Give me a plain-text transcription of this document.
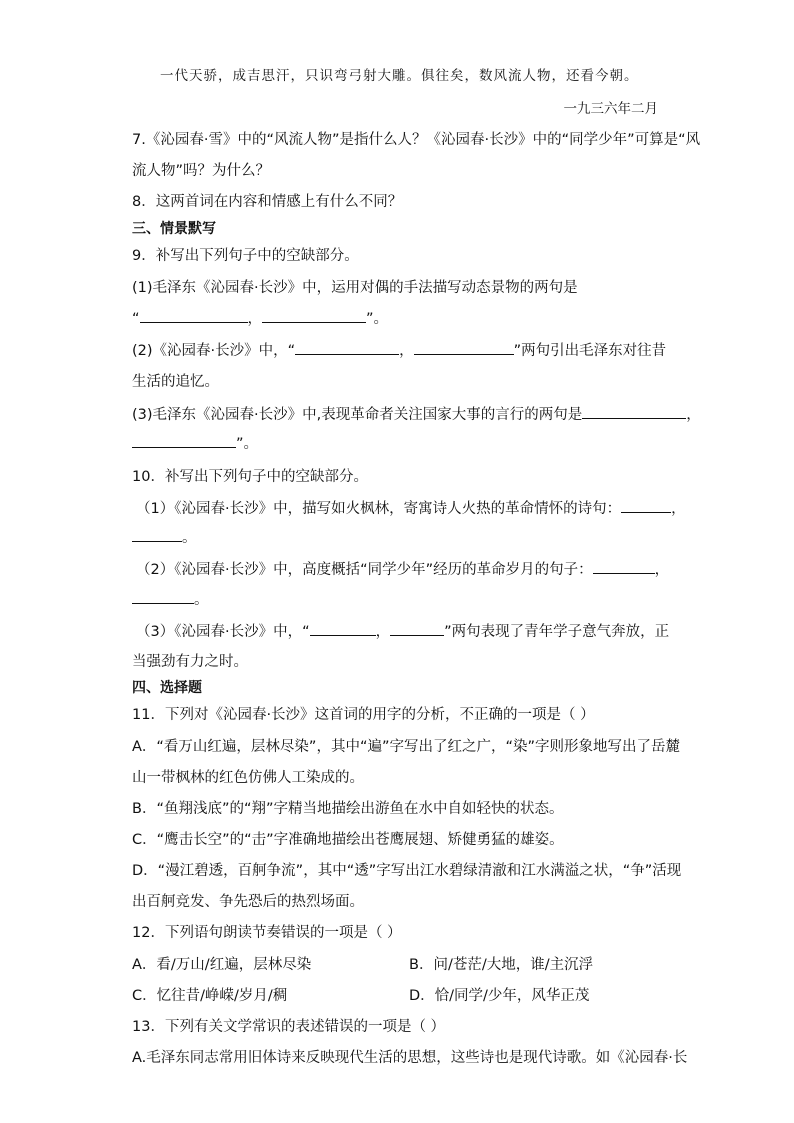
一代天骄，成吉思汗，只识弯弓射大雕。俱往矣，数风流人物，还看今朝。
一九三六年二月
7.《沁园春·雪》中的“风流人物”是指什么人？《沁园春·长沙》中的“同学少年”可算是“风
流人物”吗？为什么？
8．这两首词在内容和情感上有什么不同？
三、情景默写
9．补写出下列句子中的空缺部分。
(1)毛泽东《沁园春·长沙》中，运用对偶的手法描写动态景物的两句是
“	，	”。
(2)《沁园春·长沙》中，“	，	”两句引出毛泽东对往昔
生活的追忆。
(3)毛泽东《沁园春·长沙》中,表现革命者关注国家大事的言行的两句是	，
”。
10．补写出下列句子中的空缺部分。
（1）《沁园春·长沙》中，描写如火枫林，寄寓诗人火热的革命情怀的诗句：	，
。
（2）《沁园春·长沙》中，高度概括“同学少年”经历的革命岁月的句子：	，
。
（3）《沁园春·长沙》中，“	，	”两句表现了青年学子意气奔放，正
当强劲有力之时。
四、选择题
11．下列对《沁园春·长沙》这首词的用字的分析，不正确的一项是（ ）
A．“看万山红遍，层林尽染”，其中“遍”字写出了红之广，“染”字则形象地写出了岳麓
山一带枫林的红色仿佛人工染成的。
B．“鱼翔浅底”的“翔”字精当地描绘出游鱼在水中自如轻快的状态。
C．“鹰击长空”的“击”字准确地描绘出苍鹰展翅、矫健勇猛的雄姿。
D．“漫江碧透，百舸争流”，其中“透”字写出江水碧绿清澈和江水满溢之状，“争”活现
出百舸竞发、争先恐后的热烈场面。
12．下列语句朗读节奏错误的一项是（ ）
A．看/万山/红遍，层林尽染	B．问/苍茫/大地，谁/主沉浮
C．忆往昔/峥嵘/岁月/稠	D．恰/同学/少年，风华正茂
13．下列有关文学常识的表述错误的一项是（ ）
A.毛泽东同志常用旧体诗来反映现代生活的思想，这些诗也是现代诗歌。如《沁园春·长
